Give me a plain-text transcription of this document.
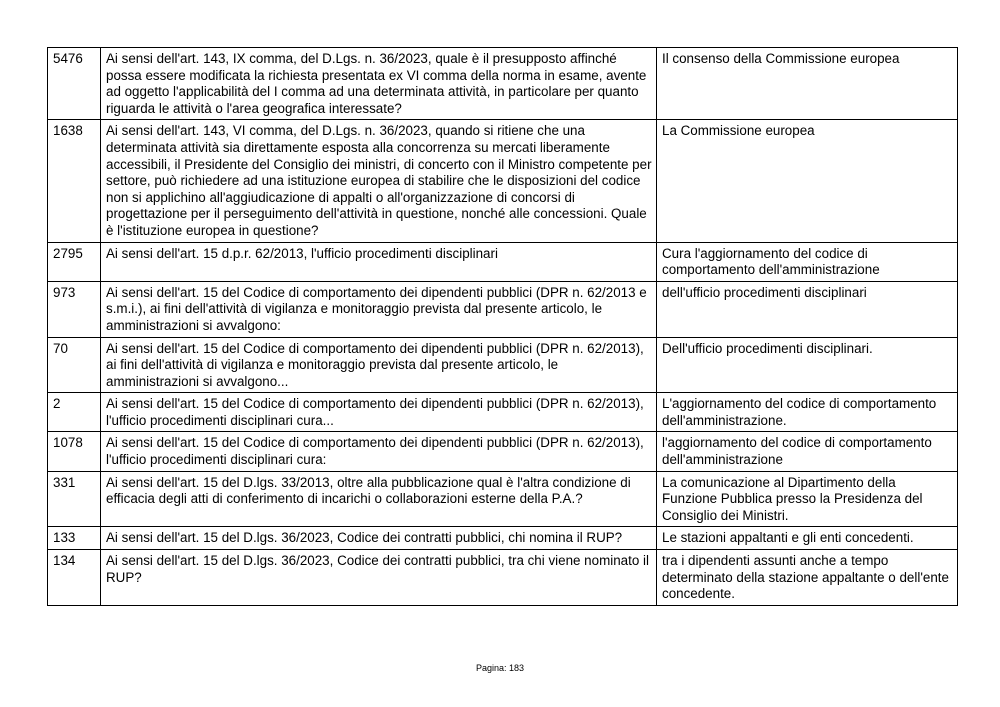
5476	Ai sensi dell'art. 143, IX comma, del D.Lgs. n. 36/2023, quale è il presupposto affinché possa essere modificata la richiesta presentata ex VI comma della norma in esame, avente ad oggetto l'applicabilità del I comma ad una determinata attività, in particolare per quanto riguarda le attività o l'area geografica interessate?	Il consenso della Commissione europea
1638	Ai sensi dell'art. 143, VI comma, del D.Lgs. n. 36/2023, quando si ritiene che una determinata attività sia direttamente esposta alla concorrenza su mercati liberamente accessibili, il Presidente del Consiglio dei ministri, di concerto con il Ministro competente per settore, può richiedere ad una istituzione europea di stabilire che le disposizioni del codice non si applichino all'aggiudicazione di appalti o all'organizzazione di concorsi di progettazione per il perseguimento dell'attività in questione, nonché alle concessioni. Quale è l'istituzione europea in questione?	La Commissione europea
2795	Ai sensi dell'art. 15 d.p.r. 62/2013, l'ufficio procedimenti disciplinari	Cura l'aggiornamento del codice di comportamento dell'amministrazione
973	Ai sensi dell'art. 15 del Codice di comportamento dei dipendenti pubblici (DPR n. 62/2013 e s.m.i.), ai fini dell'attività di vigilanza e monitoraggio prevista dal presente articolo, le amministrazioni si avvalgono:	dell'ufficio procedimenti disciplinari
70	Ai sensi dell'art. 15 del Codice di comportamento dei dipendenti pubblici (DPR n. 62/2013), ai fini dell'attività di vigilanza e monitoraggio prevista dal presente articolo, le amministrazioni si avvalgono...	Dell'ufficio procedimenti disciplinari.
2	Ai sensi dell'art. 15 del Codice di comportamento dei dipendenti pubblici (DPR n. 62/2013), l'ufficio procedimenti disciplinari cura...	L'aggiornamento del codice di comportamento dell'amministrazione.
1078	Ai sensi dell'art. 15 del Codice di comportamento dei dipendenti pubblici (DPR n. 62/2013), l'ufficio procedimenti disciplinari cura:	l'aggiornamento del codice di comportamento dell'amministrazione
331	Ai sensi dell'art. 15 del D.lgs. 33/2013, oltre alla pubblicazione qual è l'altra condizione di efficacia degli atti di conferimento di incarichi o collaborazioni esterne della P.A.?	La comunicazione al Dipartimento della Funzione Pubblica presso la Presidenza del Consiglio dei Ministri.
133	Ai sensi dell'art. 15 del D.lgs. 36/2023, Codice dei contratti pubblici, chi nomina il RUP?	Le stazioni appaltanti e gli enti concedenti.
134	Ai sensi dell'art. 15 del D.lgs. 36/2023, Codice dei contratti pubblici, tra chi viene nominato il RUP?	tra i dipendenti assunti anche a tempo determinato della stazione appaltante o dell'ente concedente.
Pagina: 183
